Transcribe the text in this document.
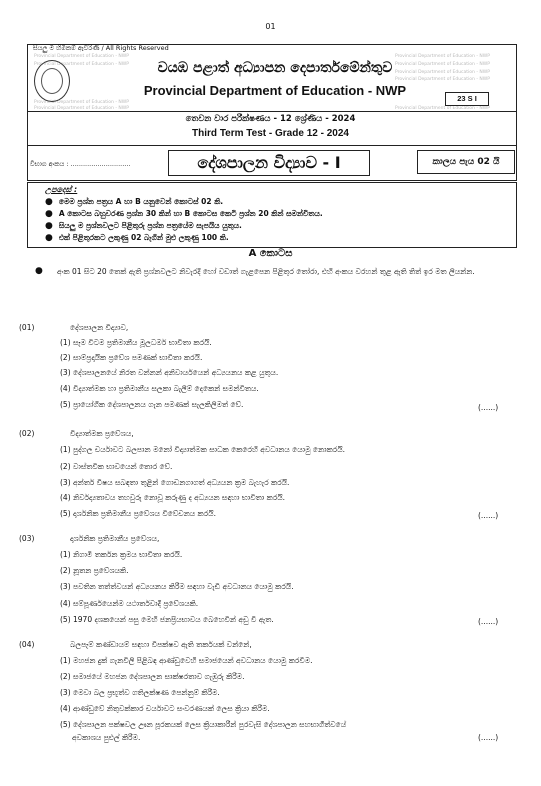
01
සියලු ම හිමිකම් ඇවිරිණි / All Rights Reserved
Provincial Department of Education - NWP
Provincial Department of Education - NWP
Provincial Department of Education - NWP
Provincial Department of Education - NWP
Provincial Department of Education - NWP
Provincial Department of Education - NWP
Provincial Department of Education - NWP
Provincial Department of Education - NWP
Provincial Department of Education - NWP
වයඹ පළාත් අධ්‍යාපන දෙපාර්තමේන්තුව
Provincial Department of Education - NWP
23 S I
තෙවන වාර පරීක්ෂණය - 12 ශ්‍රේණිය - 2024
Third Term Test - Grade 12 - 2024
විභාග අංකය : .............................	දේශපාලන විද්‍යාව - I	කාලය පැය 02 යි
උපදෙස් :
● මෙම ප්‍රශ්න පත්‍රය A හා B යනුවෙන් කොටස් 02 කි.
● A කොටස බහුවරණ ප්‍රශ්න 30 කින් හා B කොටස කෙටි ප්‍රශ්න 20 කින් සමන්විතය.
● සියලු ම ප්‍රශ්නවලට පිළිතුරු ප්‍රශ්න පත්‍රයේම සැපයිය යුතුය.
● එක් පිළිතුරකට ලකුණු 02 බැගින් මුළු ලකුණු 100 කි.
A කොටස
● අංක 01 සිට 20 තෙක් ඇති ප්‍රශ්නවලට නිවැරදි හෝ වඩාත් ගැළපෙන පිළිතුර තෝරා, එහි අංකය වරහන් තුළ ඇති තිත් ඉර මත ලියන්න.
(01)	දේශපාලන විද්‍යාව,
(1) සෑම විටම ප්‍රතිමානීය මූලධර්ම භාවිතා කරයි.
(2) සාම්ප්‍රදායික ප්‍රවේශ පමණක් භාවිතා කරයි.
(3) දේශපාලනයේ නිරත වන්නන් අනිවාර්යයෙන් අධ්‍යයනය කළ යුතුය.
(4) විද්‍යාත්මක හා ප්‍රතිමානීය සලකා බැලීම් දෙකෙන් සමන්විතය.
(5) ප්‍රායෝගික දේශපාලනය ගැන පමණක් සැලකිලිමත් වේ.	(......)
(02)	විද්‍යාත්මක ප්‍රවේශය,
(1) පුද්ගල චර්යාවට බලපාන මනෝ විද්‍යාත්මක සාධක කෙරෙහි අවධානය යොමු නොකරයි.
(2) වාස්තවික භාවයෙන් තොර වේ.
(3) අන්තර් විෂය සබඳතා තුළින් ගොඩනගාගත් අධ්‍යයන ක්‍රම බැහැර කරයි.
(4) නිර්වද්‍යතාවය තහවුරු නොවූ කරුණු ද අධ්‍යයන සඳහා භාවිතා කරයි.
(5) දාර්ශනික ප්‍රතිමානීය ප්‍රවේශය විවේචනය කරයි.	(......)
(03)	දාර්ශනික ප්‍රතිමානීය ප්‍රවේශය,
(1) නිගාමී තර්කන ක්‍රමය භාවිතා කරයි.
(2) නූතන ප්‍රවේශයකි.
(3) පවතින තත්ත්වයන් අධ්‍යයනය කිරීම සඳහා වැඩි අවධානය යොමු කරයි.
(4) සම්පූර්ණයෙන්ම යථාර්තවාදී ප්‍රවේශයකි.
(5) 1970 දශකයෙන් පසු මෙහි ජනප්‍රියභාවය බෙහෙවින් අඩු වී ඇත.	(......)
(04)	බලපෑම් කණ්ඩායම් සඳහා විපක්ෂව ඇති තර්කයක් වන්නේ,
(1) මහජන දුක් ගැනවිලි පිළිබඳ ආණ්ඩුවෙහි සමාජයෙන් අවධානය යොමු කරවීම.
(2) සමාජයේ මහජන දේශපාලන සාක්ෂරතාව ගැඹුරු කිරීම.
(3) මෙවා බල ප්‍රභූත්ව ගතිලක්ෂණ පෙන්නුම් කිරීම.
(4) ආණ්ඩුවේ නිතුවක්කාර චර්යාවට සංවරණයක් ලෙස ක්‍රියා කිරීම.
(5) දේශපාලන පක්ෂවල ඌන පූරකයක් ලෙස ක්‍රියාකාරීන් පුරවැසි දේශපාලන සහභාගීත්වයේ
අවකාශය පුළුල් කිරීම.	(......)
